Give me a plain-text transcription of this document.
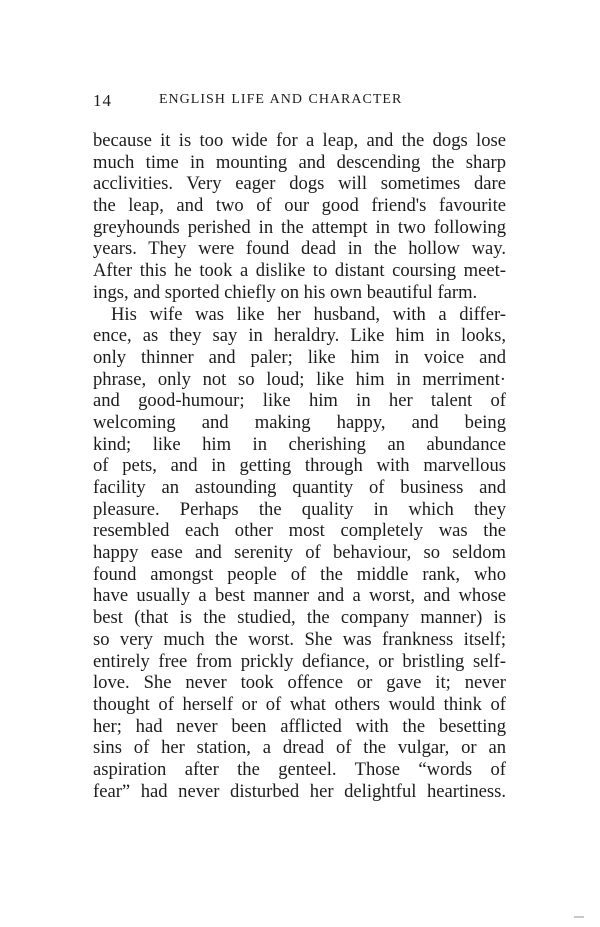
14	ENGLISH LIFE AND CHARACTER
because it is too wide for a leap, and the dogs lose
much time in mounting and descending the sharp
acclivities. Very eager dogs will sometimes dare
the leap, and two of our good friend's favourite
greyhounds perished in the attempt in two following
years. They were found dead in the hollow way.
After this he took a dislike to distant coursing meet-
ings, and sported chiefly on his own beautiful farm.
His wife was like her husband, with a differ-
ence, as they say in heraldry. Like him in looks,
only thinner and paler; like him in voice and
phrase, only not so loud; like him in merriment·
and good-humour; like him in her talent of
welcoming and making happy, and being
kind; like him in cherishing an abundance
of pets, and in getting through with marvellous
facility an astounding quantity of business and
pleasure. Perhaps the quality in which they
resembled each other most completely was the
happy ease and serenity of behaviour, so seldom
found amongst people of the middle rank, who
have usually a best manner and a worst, and whose
best (that is the studied, the company manner) is
so very much the worst. She was frankness itself;
entirely free from prickly defiance, or bristling self-
love. She never took offence or gave it; never
thought of herself or of what others would think of
her; had never been afflicted with the besetting
sins of her station, a dread of the vulgar, or an
aspiration after the genteel. Those “words of
fear” had never disturbed her delightful heartiness.
